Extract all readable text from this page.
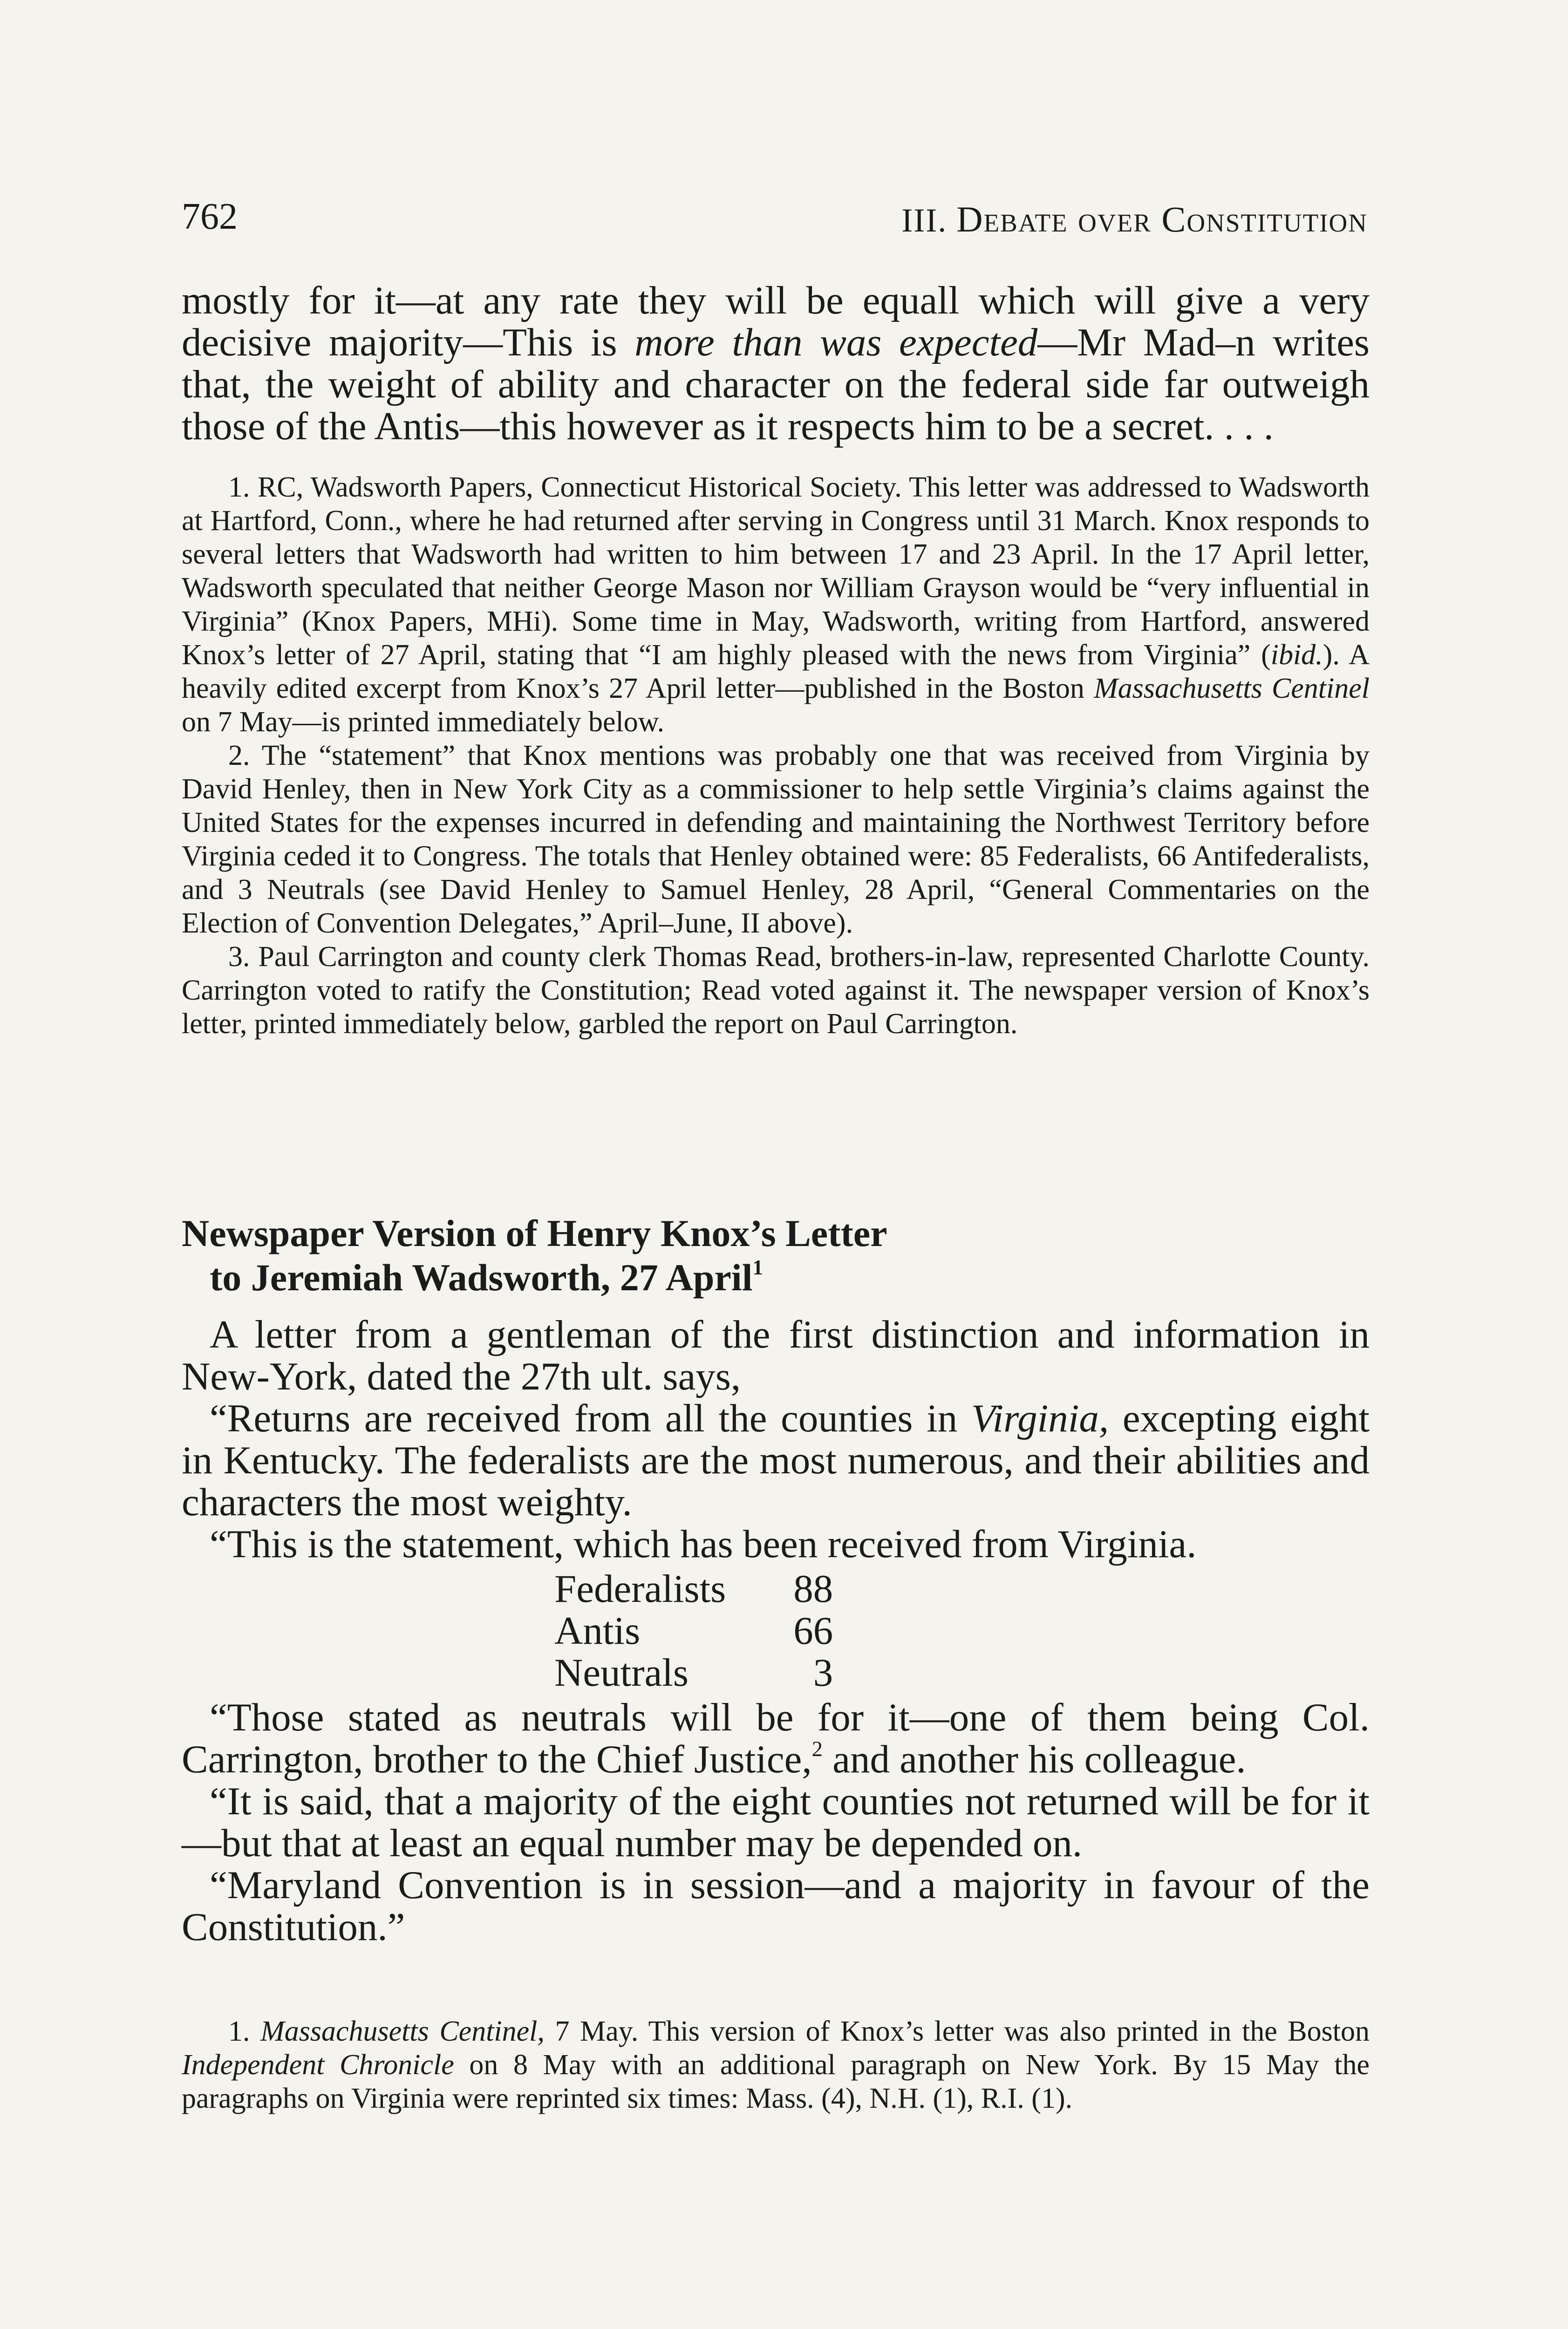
762	III. Debate over Constitution

mostly for it—at any rate they will be equall which will give a very decisive majority—This is more than was expected—Mr Mad–n writes that, the weight of ability and character on the federal side far outweigh those of the Antis—this however as it respects him to be a secret. . . .

1. RC, Wadsworth Papers, Connecticut Historical Society. This letter was addressed to Wadsworth at Hartford, Conn., where he had returned after serving in Congress until 31 March. Knox responds to several letters that Wadsworth had written to him between 17 and 23 April. In the 17 April letter, Wadsworth speculated that neither George Mason nor William Grayson would be “very influential in Virginia” (Knox Papers, MHi). Some time in May, Wadsworth, writing from Hartford, answered Knox’s letter of 27 April, stating that “I am highly pleased with the news from Virginia” (ibid.). A heavily edited excerpt from Knox’s 27 April letter—published in the Boston Massachusetts Centinel on 7 May—is printed immediately below.

2. The “statement” that Knox mentions was probably one that was received from Virginia by David Henley, then in New York City as a commissioner to help settle Virginia’s claims against the United States for the expenses incurred in defending and maintaining the Northwest Territory before Virginia ceded it to Congress. The totals that Henley obtained were: 85 Federalists, 66 Antifederalists, and 3 Neutrals (see David Henley to Samuel Henley, 28 April, “General Commentaries on the Election of Convention Delegates,” April–June, II above).

3. Paul Carrington and county clerk Thomas Read, brothers-in-law, represented Charlotte County. Carrington voted to ratify the Constitution; Read voted against it. The newspaper version of Knox’s letter, printed immediately below, garbled the report on Paul Carrington.

Newspaper Version of Henry Knox’s Letter
to Jeremiah Wadsworth, 27 April$^1$

A letter from a gentleman of the first distinction and information in New-York, dated the 27th ult. says,

“Returns are received from all the counties in Virginia, excepting eight in Kentucky. The federalists are the most numerous, and their abilities and characters the most weighty.

“This is the statement, which has been received from Virginia.

Federalists	88
Antis	66
Neutrals	3

“Those stated as neutrals will be for it—one of them being Col. Carrington, brother to the Chief Justice,$^2$ and another his colleague.

“It is said, that a majority of the eight counties not returned will be for it—but that at least an equal number may be depended on.

“Maryland Convention is in session—and a majority in favour of the Constitution.”

1. Massachusetts Centinel, 7 May. This version of Knox’s letter was also printed in the Boston Independent Chronicle on 8 May with an additional paragraph on New York. By 15 May the paragraphs on Virginia were reprinted six times: Mass. (4), N.H. (1), R.I. (1).
